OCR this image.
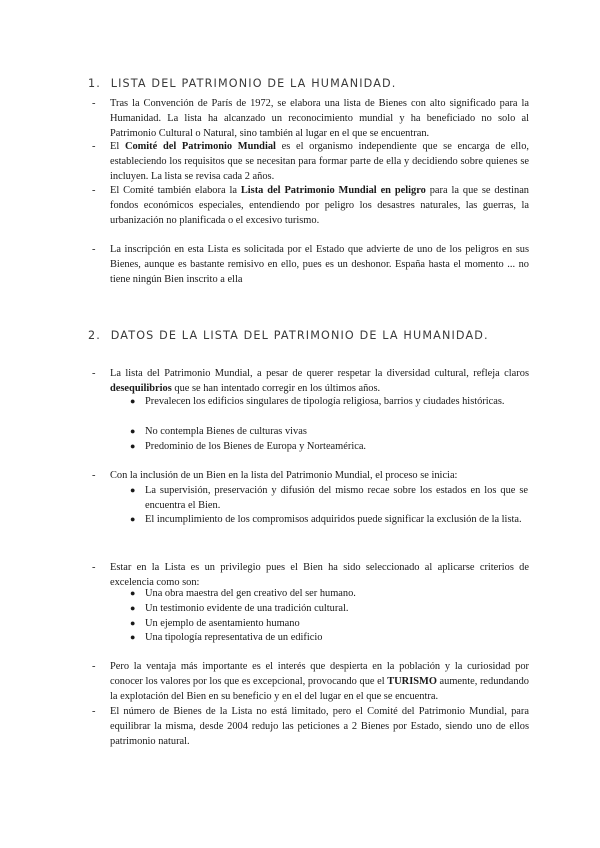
1. LISTA DEL PATRIMONIO DE LA HUMANIDAD.
- Tras la Convención de París de 1972, se elabora una lista de Bienes con alto significado para la Humanidad. La lista ha alcanzado un reconocimiento mundial y ha beneficiado no solo al Patrimonio Cultural o Natural, sino también al lugar en el que se encuentran.
- El Comité del Patrimonio Mundial es el organismo independiente que se encarga de ello, estableciendo los requisitos que se necesitan para formar parte de ella y decidiendo sobre quienes se incluyen. La lista se revisa cada 2 años.
- El Comité también elabora la Lista del Patrimonio Mundial en peligro para la que se destinan fondos económicos especiales, entendiendo por peligro los desastres naturales, las guerras, la urbanización no planificada o el excesivo turismo.
- La inscripción en esta Lista es solicitada por el Estado que advierte de uno de los peligros en sus Bienes, aunque es bastante remisivo en ello, pues es un deshonor. España hasta el momento ... no tiene ningún Bien inscrito a ella
2. DATOS DE LA LISTA DEL PATRIMONIO DE LA HUMANIDAD.
- La lista del Patrimonio Mundial, a pesar de querer respetar la diversidad cultural, refleja claros desequilibrios que se han intentado corregir en los últimos años.
● Prevalecen los edificios singulares de tipología religiosa, barrios y ciudades históricas.
● No contempla Bienes de culturas vivas
● Predominio de los Bienes de Europa y Norteamérica.
- Con la inclusión de un Bien en la lista del Patrimonio Mundial, el proceso se inicia:
● La supervisión, preservación y difusión del mismo recae sobre los estados en los que se encuentra el Bien.
● El incumplimiento de los compromisos adquiridos puede significar la exclusión de la lista.
- Estar en la Lista es un privilegio pues el Bien ha sido seleccionado al aplicarse criterios de excelencia como son:
● Una obra maestra del gen creativo del ser humano.
● Un testimonio evidente de una tradición cultural.
● Un ejemplo de asentamiento humano
● Una tipología representativa de un edificio
- Pero la ventaja más importante es el interés que despierta en la población y la curiosidad por conocer los valores por los que es excepcional, provocando que el TURISMO aumente, redundando la explotación del Bien en su beneficio y en el del lugar en el que se encuentra.
- El número de Bienes de la Lista no está limitado, pero el Comité del Patrimonio Mundial, para equilibrar la misma, desde 2004 redujo las peticiones a 2 Bienes por Estado, siendo uno de ellos patrimonio natural.
